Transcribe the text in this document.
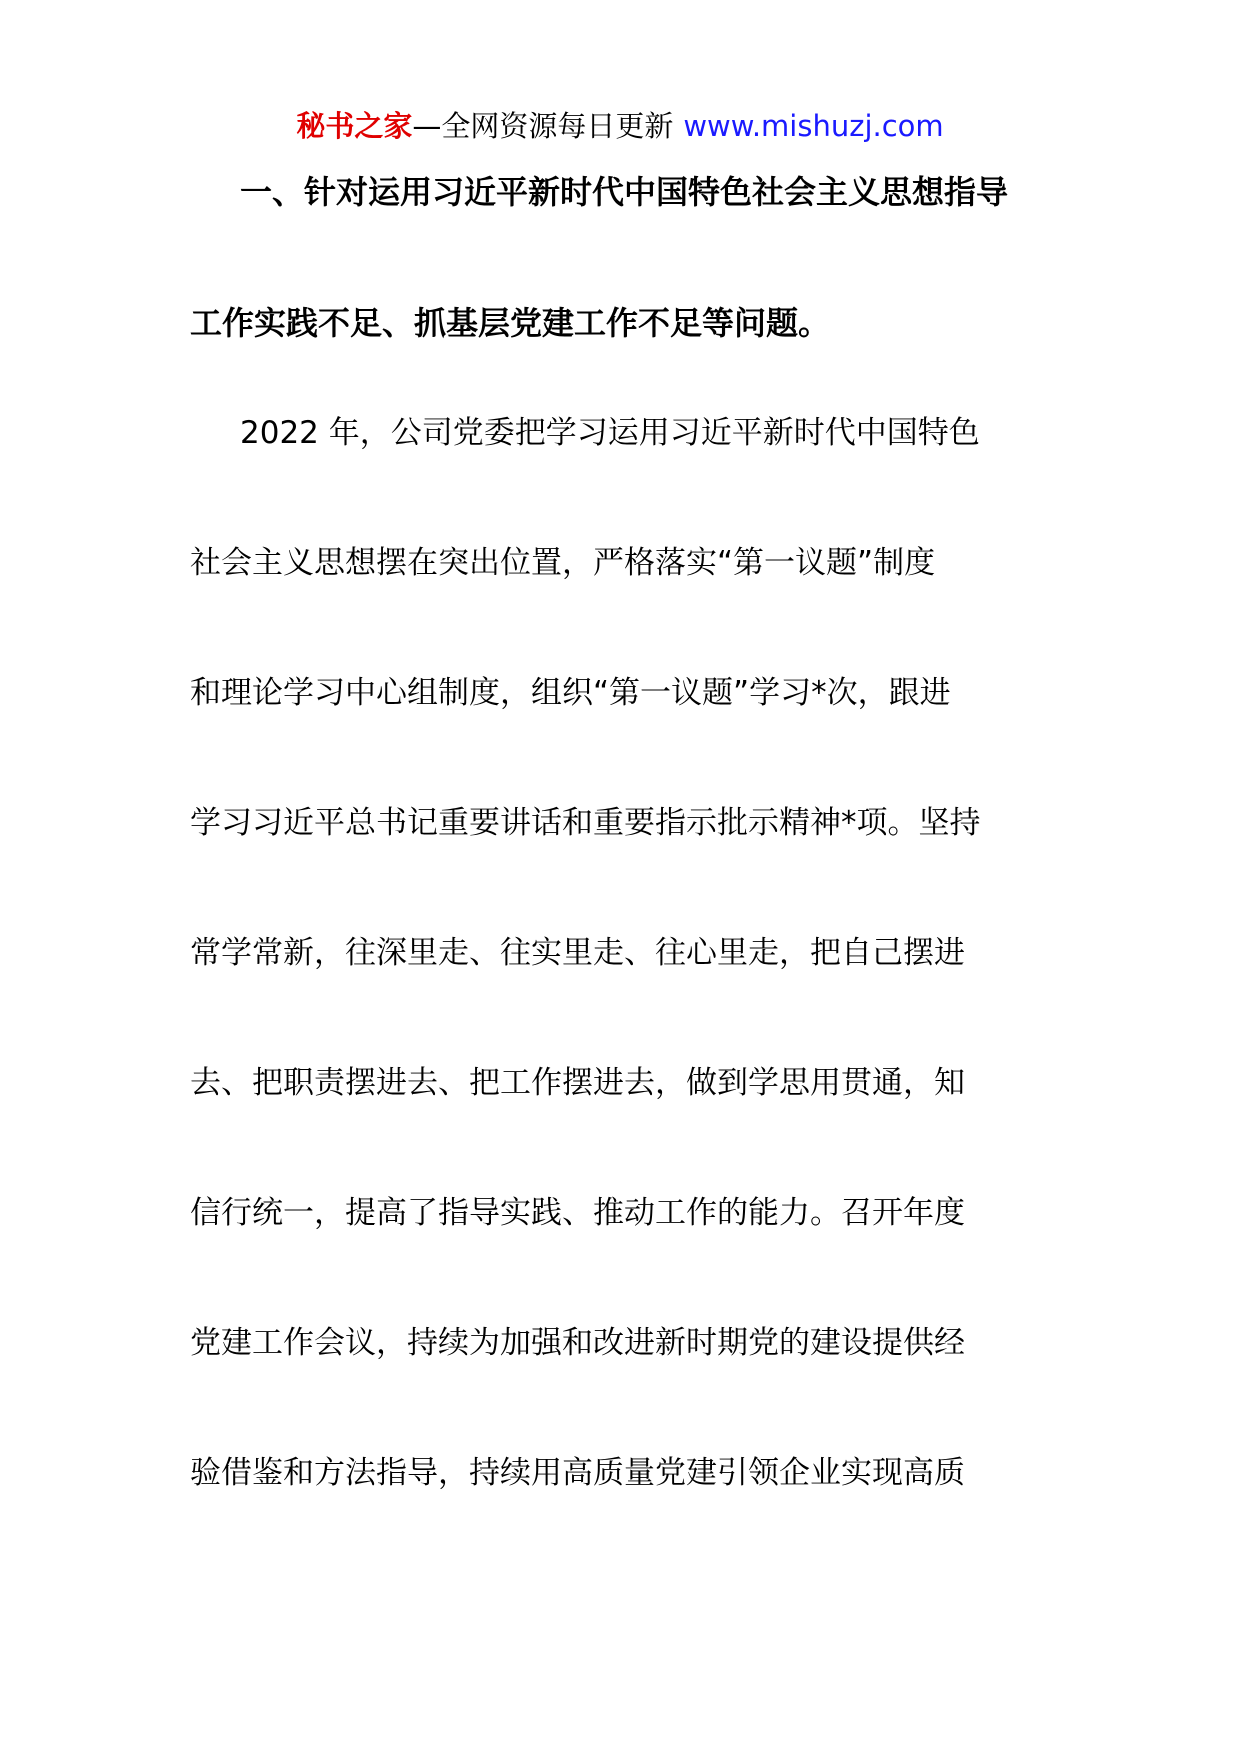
秘书之家—全网资源每日更新 www.mishuzj.com
一、针对运用习近平新时代中国特色社会主义思想指导
工作实践不足、抓基层党建工作不足等问题。
2022 年，公司党委把学习运用习近平新时代中国特色
社会主义思想摆在突出位置，严格落实“第一议题”制度
和理论学习中心组制度，组织“第一议题”学习*次，跟进
学习习近平总书记重要讲话和重要指示批示精神*项。坚持
常学常新，往深里走、往实里走、往心里走，把自己摆进
去、把职责摆进去、把工作摆进去，做到学思用贯通，知
信行统一，提高了指导实践、推动工作的能力。召开年度
党建工作会议，持续为加强和改进新时期党的建设提供经
验借鉴和方法指导，持续用高质量党建引领企业实现高质
